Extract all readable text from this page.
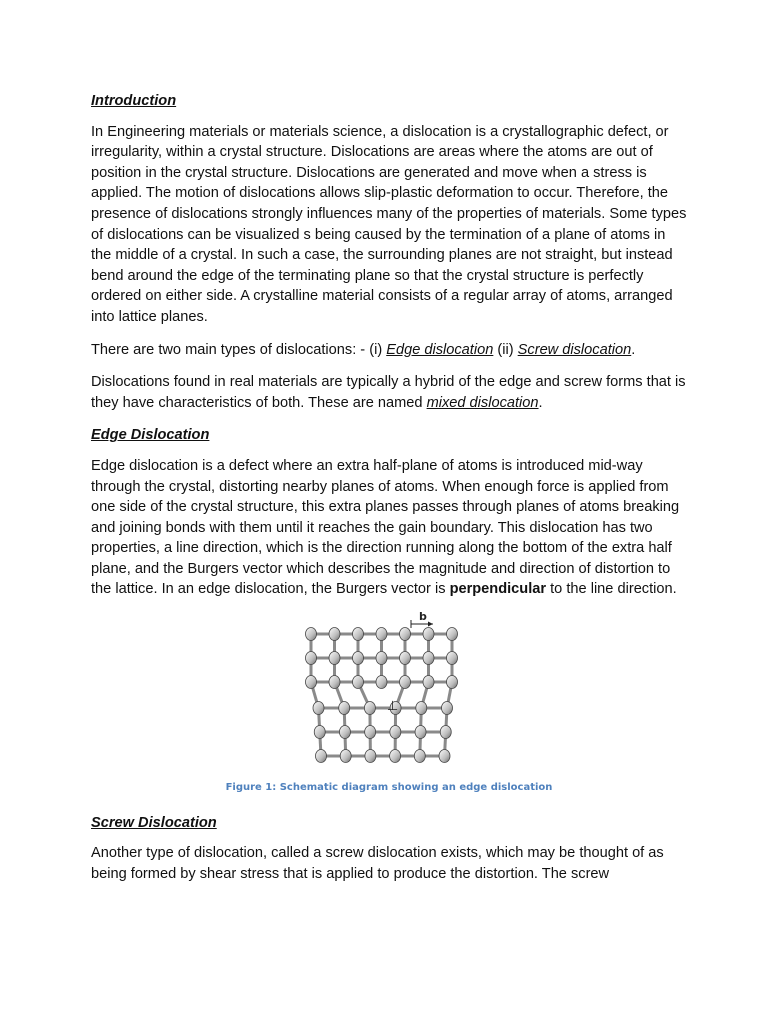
Introduction

In Engineering materials or materials science, a dislocation is a crystallographic defect, or irregularity, within a crystal structure. Dislocations are areas where the atoms are out of position in the crystal structure. Dislocations are generated and move when a stress is applied. The motion of dislocations allows slip-plastic deformation to occur. Therefore, the presence of dislocations strongly influences many of the properties of materials. Some types of dislocations can be visualized s being caused by the termination of a plane of atoms in the middle of a crystal. In such a case, the surrounding planes are not straight, but instead bend around the edge of the terminating plane so that the crystal structure is perfectly ordered on either side. A crystalline material consists of a regular array of atoms, arranged into lattice planes.

There are two main types of dislocations: - (i) Edge dislocation (ii) Screw dislocation.

Dislocations found in real materials are typically a hybrid of the edge and screw forms that is they have characteristics of both. These are named mixed dislocation.

Edge Dislocation

Edge dislocation is a defect where an extra half-plane of atoms is introduced mid-way through the crystal, distorting nearby planes of atoms. When enough force is applied from one side of the crystal structure, this extra planes passes through planes of atoms breaking and joining bonds with them until it reaches the gain boundary. This dislocation has two properties, a line direction, which is the direction running along the bottom of the extra half plane, and the Burgers vector which describes the magnitude and direction of distortion to the lattice. In an edge dislocation, the Burgers vector is perpendicular to the line direction.

b
⊥
Figure 1: Schematic diagram showing an edge dislocation
Screw Dislocation

Another type of dislocation, called a screw dislocation exists, which may be thought of as being formed by shear stress that is applied to produce the distortion. The screw
